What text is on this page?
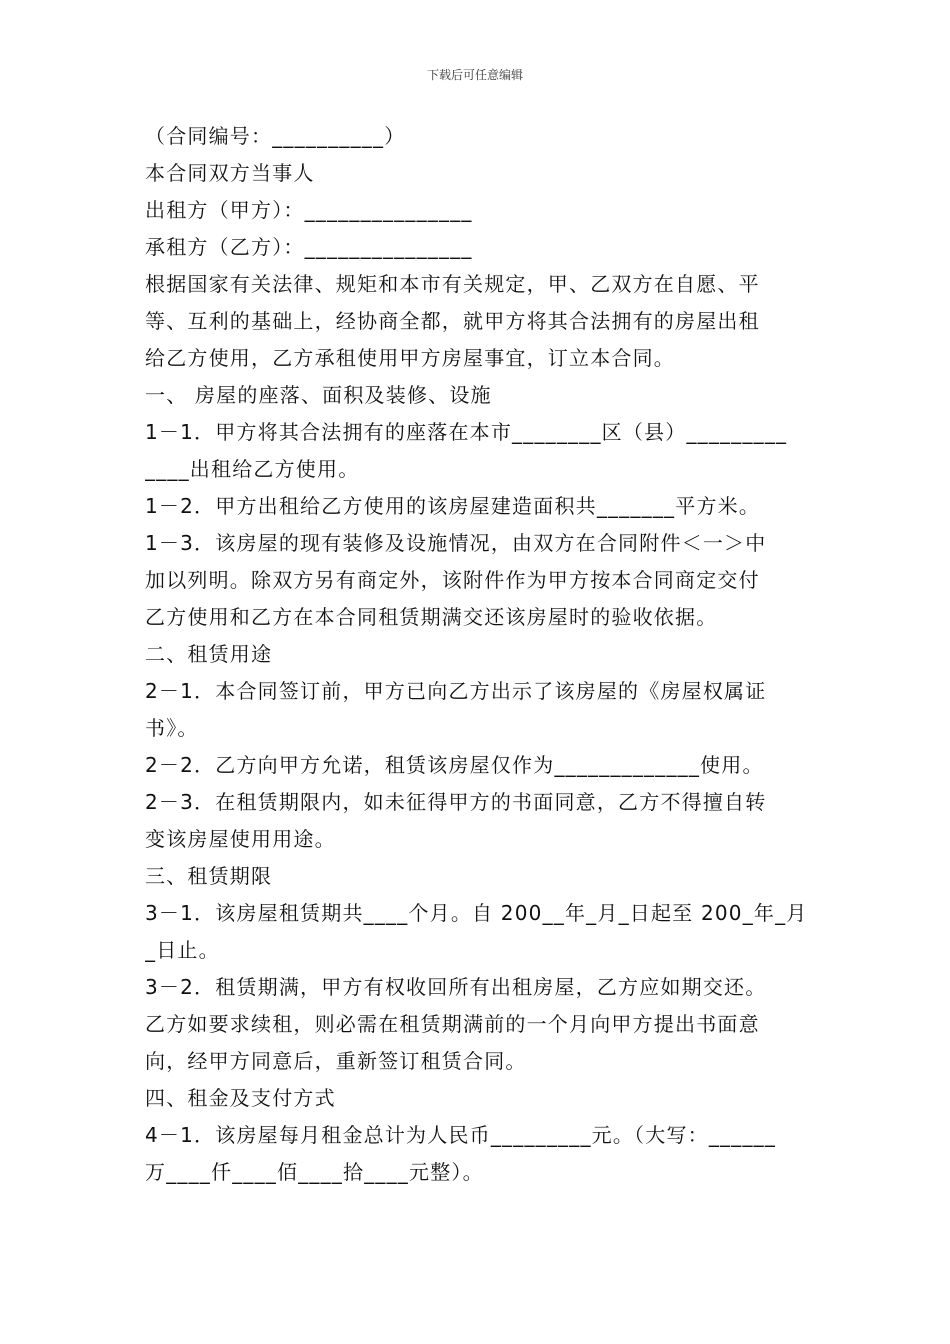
下载后可任意编辑
（合同编号：__________）
本合同双方当事人
出租方（甲方）：_______________
承租方（乙方）：_______________
根据国家有关法律、规矩和本市有关规定，甲、乙双方在自愿、平
等、互利的基础上，经协商全都，就甲方将其合法拥有的房屋出租
给乙方使用，乙方承租使用甲方房屋事宜，订立本合同。
一、 房屋的座落、面积及装修、设施
1－1．甲方将其合法拥有的座落在本市________区（县）_________
____出租给乙方使用。
1－2．甲方出租给乙方使用的该房屋建造面积共_______平方米。
1－3．该房屋的现有装修及设施情况，由双方在合同附件＜一＞中
加以列明。除双方另有商定外，该附件作为甲方按本合同商定交付
乙方使用和乙方在本合同租赁期满交还该房屋时的验收依据。
二、租赁用途
2－1．本合同签订前，甲方已向乙方出示了该房屋的《房屋权属证
书》。
2－2．乙方向甲方允诺，租赁该房屋仅作为_____________使用。
2－3．在租赁期限内，如未征得甲方的书面同意，乙方不得擅自转
变该房屋使用用途。
三、租赁期限
3－1．该房屋租赁期共____个月。自 200__年_月_日起至 200_年_月
_日止。
3－2．租赁期满，甲方有权收回所有出租房屋，乙方应如期交还。
乙方如要求续租，则必需在租赁期满前的一个月向甲方提出书面意
向，经甲方同意后，重新签订租赁合同。
四、租金及支付方式
4－1．该房屋每月租金总计为人民币_________元。（大写：______
万____仟____佰____拾____元整）。
